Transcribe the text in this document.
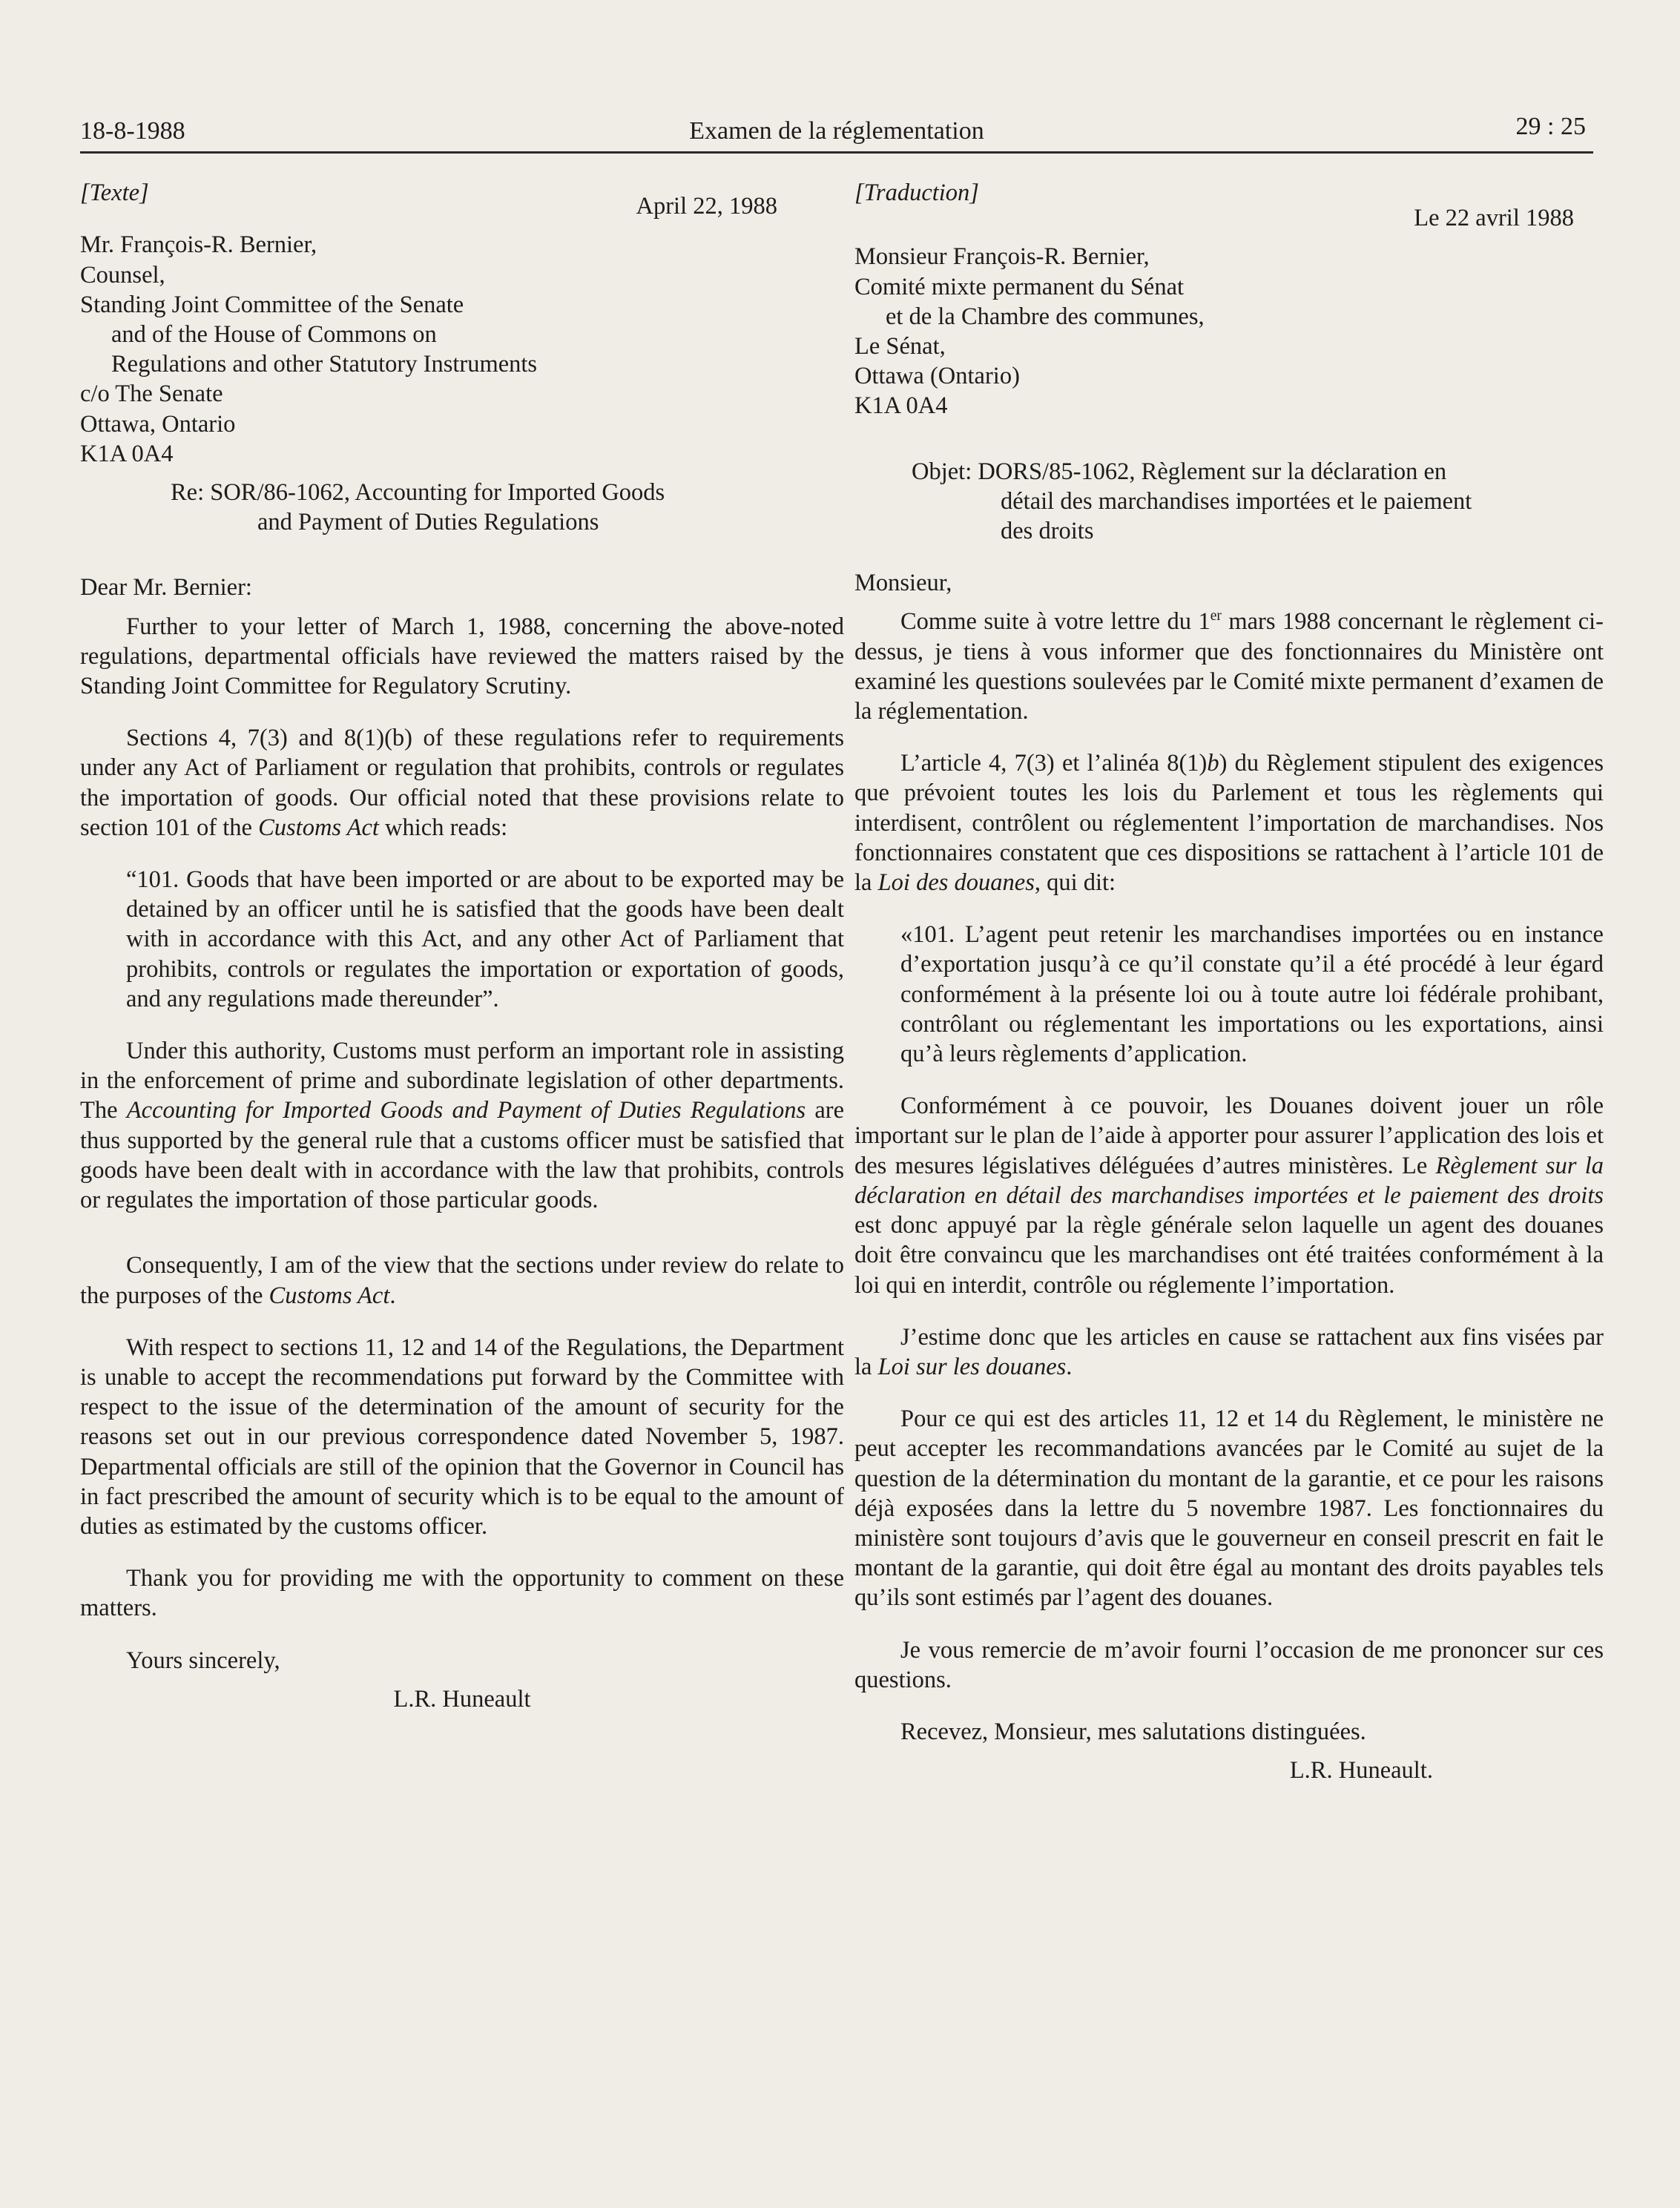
18-8-1988	Examen de la réglementation	29 : 25
[Texte]
April 22, 1988
Mr. François-R. Bernier,
Counsel,
Standing Joint Committee of the Senate
and of the House of Commons on
Regulations and other Statutory Instruments
c/o The Senate
Ottawa, Ontario
K1A 0A4
Re: SOR/86-1062, Accounting for Imported Goods
and Payment of Duties Regulations
Dear Mr. Bernier:

Further to your letter of March 1, 1988, concerning the above-noted regulations, departmental officials have reviewed the matters raised by the Standing Joint Committee for Regulatory Scrutiny.

Sections 4, 7(3) and 8(1)(b) of these regulations refer to requirements under any Act of Parliament or regulation that prohibits, controls or regulates the importation of goods. Our official noted that these provisions relate to section 101 of the Customs Act which reads:

“101. Goods that have been imported or are about to be exported may be detained by an officer until he is satisfied that the goods have been dealt with in accordance with this Act, and any other Act of Parliament that prohibits, controls or regulates the importation or exportation of goods, and any regulations made thereunder”.

Under this authority, Customs must perform an important role in assisting in the enforcement of prime and subordinate legislation of other departments. The Accounting for Imported Goods and Payment of Duties Regulations are thus supported by the general rule that a customs officer must be satisfied that goods have been dealt with in accordance with the law that prohibits, controls or regulates the importation of those particular goods.

Consequently, I am of the view that the sections under review do relate to the purposes of the Customs Act.

With respect to sections 11, 12 and 14 of the Regulations, the Department is unable to accept the recommendations put forward by the Committee with respect to the issue of the determination of the amount of security for the reasons set out in our previous correspondence dated November 5, 1987. Departmental officials are still of the opinion that the Governor in Council has in fact prescribed the amount of security which is to be equal to the amount of duties as estimated by the customs officer.

Thank you for providing me with the opportunity to comment on these matters.

Yours sincerely,
L.R. Huneault
[Traduction]
Le 22 avril 1988
Monsieur François-R. Bernier,
Comité mixte permanent du Sénat
et de la Chambre des communes,
Le Sénat,
Ottawa (Ontario)
K1A 0A4
Objet: DORS/85-1062, Règlement sur la déclaration en
détail des marchandises importées et le paiement
des droits
Monsieur,

Comme suite à votre lettre du 1er mars 1988 concernant le règlement ci-dessus, je tiens à vous informer que des fonctionnaires du Ministère ont examiné les questions soulevées par le Comité mixte permanent d’examen de la réglementation.

L’article 4, 7(3) et l’alinéa 8(1)b) du Règlement stipulent des exigences que prévoient toutes les lois du Parlement et tous les règlements qui interdisent, contrôlent ou réglementent l’importation de marchandises. Nos fonctionnaires constatent que ces dispositions se rattachent à l’article 101 de la Loi des douanes, qui dit:

«101. L’agent peut retenir les marchandises importées ou en instance d’exportation jusqu’à ce qu’il constate qu’il a été procédé à leur égard conformément à la présente loi ou à toute autre loi fédérale prohibant, contrôlant ou réglementant les importations ou les exportations, ainsi qu’à leurs règlements d’application.

Conformément à ce pouvoir, les Douanes doivent jouer un rôle important sur le plan de l’aide à apporter pour assurer l’application des lois et des mesures législatives déléguées d’autres ministères. Le Règlement sur la déclaration en détail des marchandises importées et le paiement des droits est donc appuyé par la règle générale selon laquelle un agent des douanes doit être convaincu que les marchandises ont été traitées conformément à la loi qui en interdit, contrôle ou réglemente l’importation.

J’estime donc que les articles en cause se rattachent aux fins visées par la Loi sur les douanes.

Pour ce qui est des articles 11, 12 et 14 du Règlement, le ministère ne peut accepter les recommandations avancées par le Comité au sujet de la question de la détermination du montant de la garantie, et ce pour les raisons déjà exposées dans la lettre du 5 novembre 1987. Les fonctionnaires du ministère sont toujours d’avis que le gouverneur en conseil prescrit en fait le montant de la garantie, qui doit être égal au montant des droits payables tels qu’ils sont estimés par l’agent des douanes.

Je vous remercie de m’avoir fourni l’occasion de me prononcer sur ces questions.

Recevez, Monsieur, mes salutations distinguées.
L.R. Huneault.
